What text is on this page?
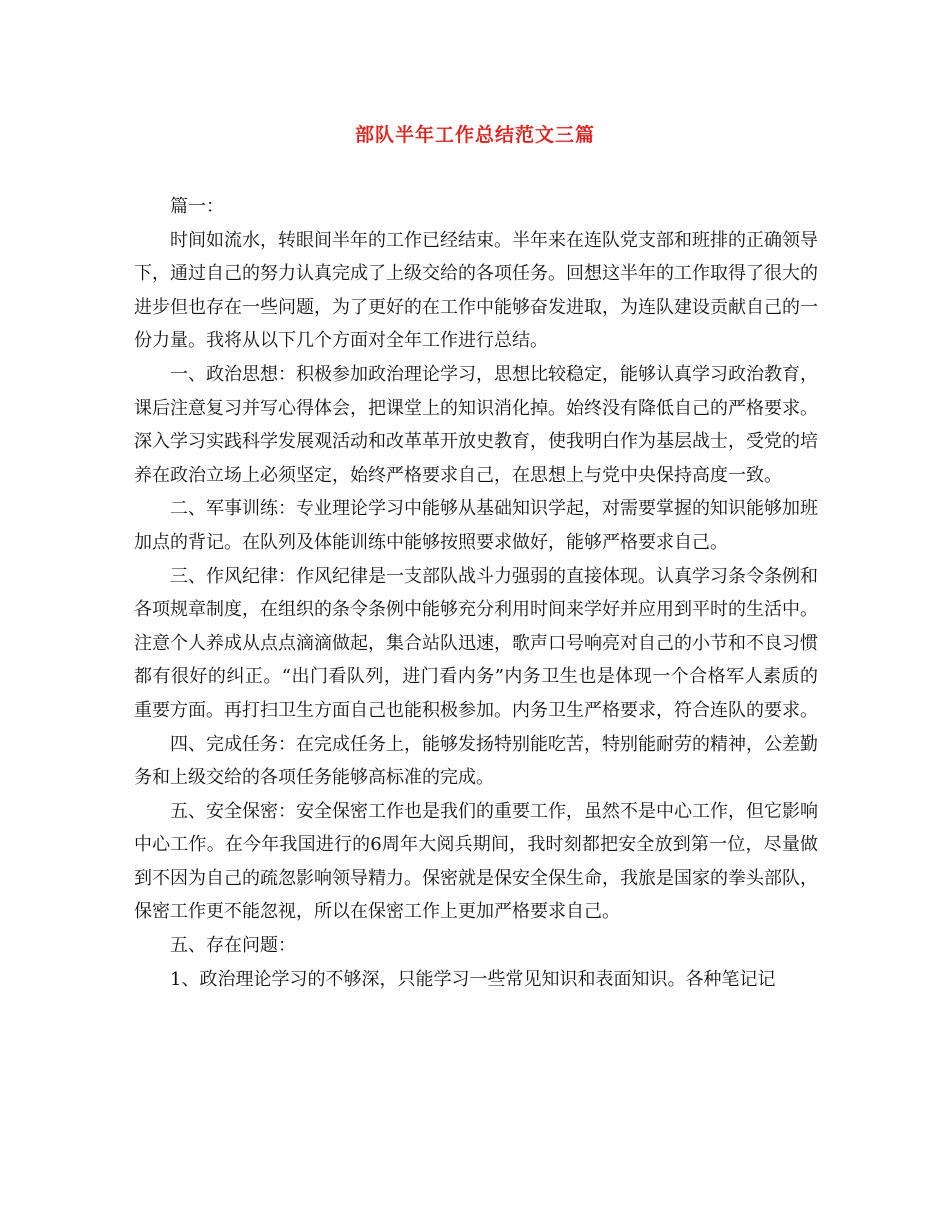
部队半年工作总结范文三篇

篇一：

时间如流水，转眼间半年的工作已经结束。半年来在连队党支部和班排的正确领导下，通过自己的努力认真完成了上级交给的各项任务。回想这半年的工作取得了很大的进步但也存在一些问题，为了更好的在工作中能够奋发进取，为连队建设贡献自己的一份力量。我将从以下几个方面对全年工作进行总结。

一、政治思想：积极参加政治理论学习，思想比较稳定，能够认真学习政治教育，课后注意复习并写心得体会，把课堂上的知识消化掉。始终没有降低自己的严格要求。深入学习实践科学发展观活动和改革革开放史教育，使我明白作为基层战士，受党的培养在政治立场上必须坚定，始终严格要求自己，在思想上与党中央保持高度一致。

二、军事训练：专业理论学习中能够从基础知识学起，对需要掌握的知识能够加班加点的背记。在队列及体能训练中能够按照要求做好，能够严格要求自己。

三、作风纪律：作风纪律是一支部队战斗力强弱的直接体现。认真学习条令条例和各项规章制度，在组织的条令条例中能够充分利用时间来学好并应用到平时的生活中。注意个人养成从点点滴滴做起，集合站队迅速，歌声口号响亮对自己的小节和不良习惯都有很好的纠正。“出门看队列，进门看内务”内务卫生也是体现一个合格军人素质的重要方面。再打扫卫生方面自己也能积极参加。内务卫生严格要求，符合连队的要求。

四、完成任务：在完成任务上，能够发扬特别能吃苦，特别能耐劳的精神，公差勤务和上级交给的各项任务能够高标准的完成。

五、安全保密：安全保密工作也是我们的重要工作，虽然不是中心工作，但它影响中心工作。在今年我国进行的6周年大阅兵期间，我时刻都把安全放到第一位，尽量做到不因为自己的疏忽影响领导精力。保密就是保安全保生命，我旅是国家的拳头部队，保密工作更不能忽视，所以在保密工作上更加严格要求自己。

五、存在问题：

1、政治理论学习的不够深，只能学习一些常见知识和表面知识。各种笔记记
